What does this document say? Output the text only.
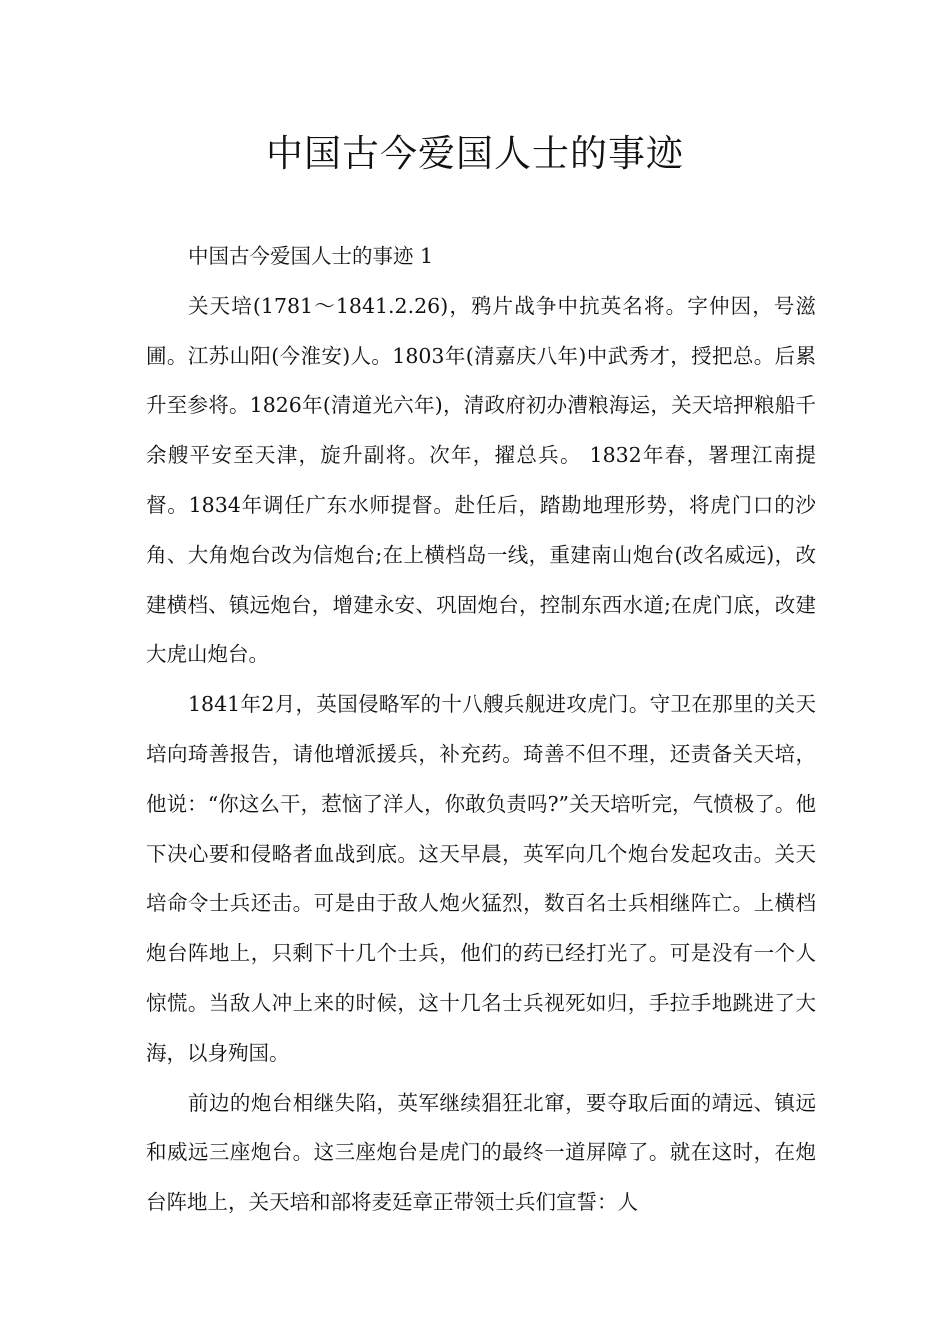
中国古今爱国人士的事迹

中国古今爱国人士的事迹 1

关天培(1781～1841.2.26)，鸦片战争中抗英名将。字仲因，号滋圃。江苏山阳(今淮安)人。1803年(清嘉庆八年)中武秀才，授把总。后累升至参将。1826年(清道光六年)，清政府初办漕粮海运，关天培押粮船千余艘平安至天津，旋升副将。次年，擢总兵。 1832年春，署理江南提督。1834年调任广东水师提督。赴任后，踏勘地理形势，将虎门口的沙角、大角炮台改为信炮台;在上横档岛一线，重建南山炮台(改名威远)，改建横档、镇远炮台，增建永安、巩固炮台，控制东西水道;在虎门底，改建大虎山炮台。

1841年2月，英国侵略军的十八艘兵舰进攻虎门。守卫在那里的关天培向琦善报告，请他增派援兵，补充药。琦善不但不理，还责备关天培，他说：“你这么干，惹恼了洋人，你敢负责吗?”关天培听完，气愤极了。他下决心要和侵略者血战到底。这天早晨，英军向几个炮台发起攻击。关天培命令士兵还击。可是由于敌人炮火猛烈，数百名士兵相继阵亡。上横档炮台阵地上，只剩下十几个士兵，他们的药已经打光了。可是没有一个人惊慌。当敌人冲上来的时候，这十几名士兵视死如归，手拉手地跳进了大海，以身殉国。

前边的炮台相继失陷，英军继续猖狂北窜，要夺取后面的靖远、镇远和威远三座炮台。这三座炮台是虎门的最终一道屏障了。就在这时，在炮台阵地上，关天培和部将麦廷章正带领士兵们宣誓：人
